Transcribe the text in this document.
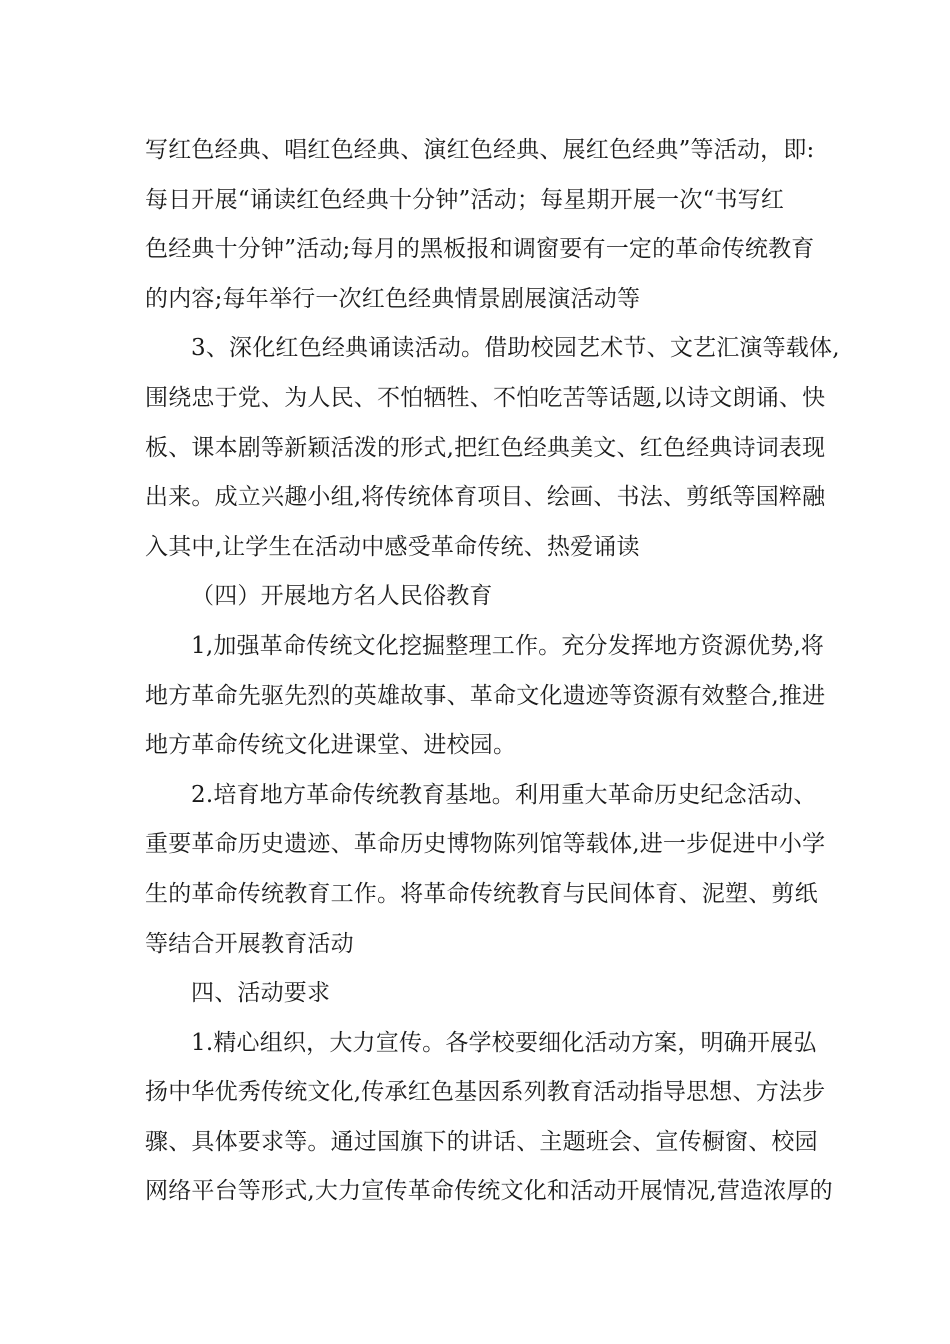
写红色经典、唱红色经典、演红色经典、展红色经典”等活动，即:
每日开展“诵读红色经典十分钟”活动；每星期开展一次“书写红
色经典十分钟”活动;每月的黑板报和调窗要有一定的革命传统教育
的内容;每年举行一次红色经典情景剧展演活动等
3、深化红色经典诵读活动。借助校园艺术节、文艺汇演等载体,
围绕忠于党、为人民、不怕牺牲、不怕吃苦等话题,以诗文朗诵、快
板、课本剧等新颖活泼的形式,把红色经典美文、红色经典诗词表现
出来。成立兴趣小组,将传统体育项目、绘画、书法、剪纸等国粹融
入其中,让学生在活动中感受革命传统、热爱诵读
（四）开展地方名人民俗教育
1,加强革命传统文化挖掘整理工作。充分发挥地方资源优势,将
地方革命先驱先烈的英雄故事、革命文化遗迹等资源有效整合,推进
地方革命传统文化进课堂、进校园。
2.培育地方革命传统教育基地。利用重大革命历史纪念活动、
重要革命历史遗迹、革命历史博物陈列馆等载体,进一步促进中小学
生的革命传统教育工作。将革命传统教育与民间体育、泥塑、剪纸
等结合开展教育活动
四、活动要求
1.精心组织，大力宣传。各学校要细化活动方案，明确开展弘
扬中华优秀传统文化,传承红色基因系列教育活动指导思想、方法步
骤、具体要求等。通过国旗下的讲话、主题班会、宣传橱窗、校园
网络平台等形式,大力宣传革命传统文化和活动开展情况,营造浓厚的
